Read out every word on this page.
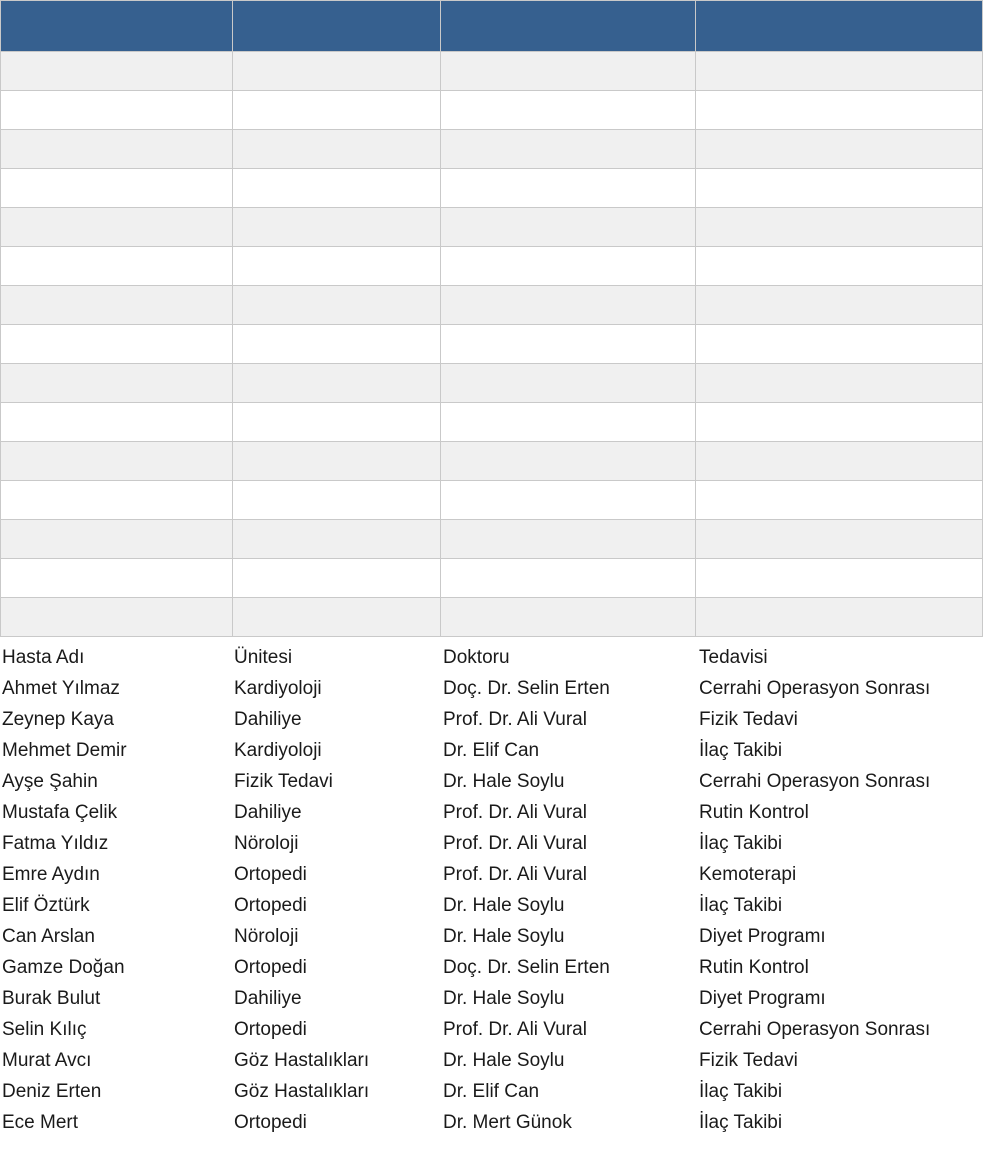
Hasta Adı	Ünitesi	Doktoru	Tedavisi
Ahmet Yılmaz	Kardiyoloji	Doç. Dr. Selin Erten	Cerrahi Operasyon Sonrası
Zeynep Kaya	Dahiliye	Prof. Dr. Ali Vural	Fizik Tedavi
Mehmet Demir	Kardiyoloji	Dr. Elif Can	İlaç Takibi
Ayşe Şahin	Fizik Tedavi	Dr. Hale Soylu	Cerrahi Operasyon Sonrası
Mustafa Çelik	Dahiliye	Prof. Dr. Ali Vural	Rutin Kontrol
Fatma Yıldız	Nöroloji	Prof. Dr. Ali Vural	İlaç Takibi
Emre Aydın	Ortopedi	Prof. Dr. Ali Vural	Kemoterapi
Elif Öztürk	Ortopedi	Dr. Hale Soylu	İlaç Takibi
Can Arslan	Nöroloji	Dr. Hale Soylu	Diyet Programı
Gamze Doğan	Ortopedi	Doç. Dr. Selin Erten	Rutin Kontrol
Burak Bulut	Dahiliye	Dr. Hale Soylu	Diyet Programı
Selin Kılıç	Ortopedi	Prof. Dr. Ali Vural	Cerrahi Operasyon Sonrası
Murat Avcı	Göz Hastalıkları	Dr. Hale Soylu	Fizik Tedavi
Deniz Erten	Göz Hastalıkları	Dr. Elif Can	İlaç Takibi
Ece Mert	Ortopedi	Dr. Mert Günok	İlaç Takibi
